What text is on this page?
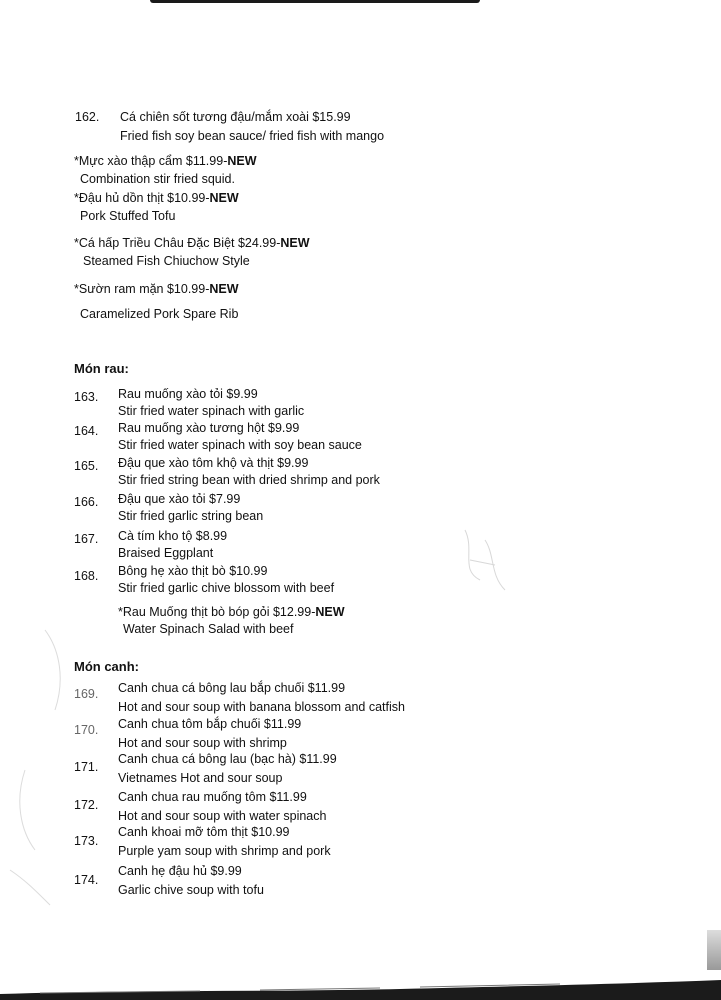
162.	Cá chiên sốt tương đậu/mắm xoài $15.99
Fried fish soy bean sauce/ fried fish with mango
*Mực xào thập cẩm $11.99-NEW
Combination stir fried squid.
*Đậu hủ dồn thịt $10.99-NEW
Pork Stuffed Tofu
*Cá hấp Triều Châu Đặc Biệt $24.99-NEW
Steamed Fish Chiuchow Style
*Sườn ram mặn $10.99-NEW
Caramelized Pork Spare Rib
Món rau:
163.	Rau muống xào tỏi $9.99
Stir fried water spinach with garlic
164.	Rau muống xào tương hột $9.99
Stir fried water spinach with soy bean sauce
165.	Đậu que xào tôm khộ và thịt $9.99
Stir fried string bean with dried shrimp and pork
166.	Đậu que xào tỏi $7.99
Stir fried garlic string bean
167.	Cà tím kho tộ $8.99
Braised Eggplant
168.	Bông hẹ xào thịt bò $10.99
Stir fried garlic chive blossom with beef
*Rau Muống thịt bò bóp gỏi $12.99-NEW
Water Spinach Salad with beef
Món canh:
169.	Canh chua cá bông lau bắp chuối $11.99
Hot and sour soup with banana blossom and catfish
170.	Canh chua tôm bắp chuối $11.99
Hot and sour soup with shrimp
171.
Canh chua cá bông lau (bạc hà) $11.99
Vietnames Hot and sour soup
172.
Canh chua rau muống tôm $11.99
Hot and sour soup with water spinach
173.
Canh khoai mỡ tôm thịt $10.99
Purple yam soup with shrimp and pork
174.
Canh hẹ đậu hủ $9.99
Garlic chive soup with tofu
